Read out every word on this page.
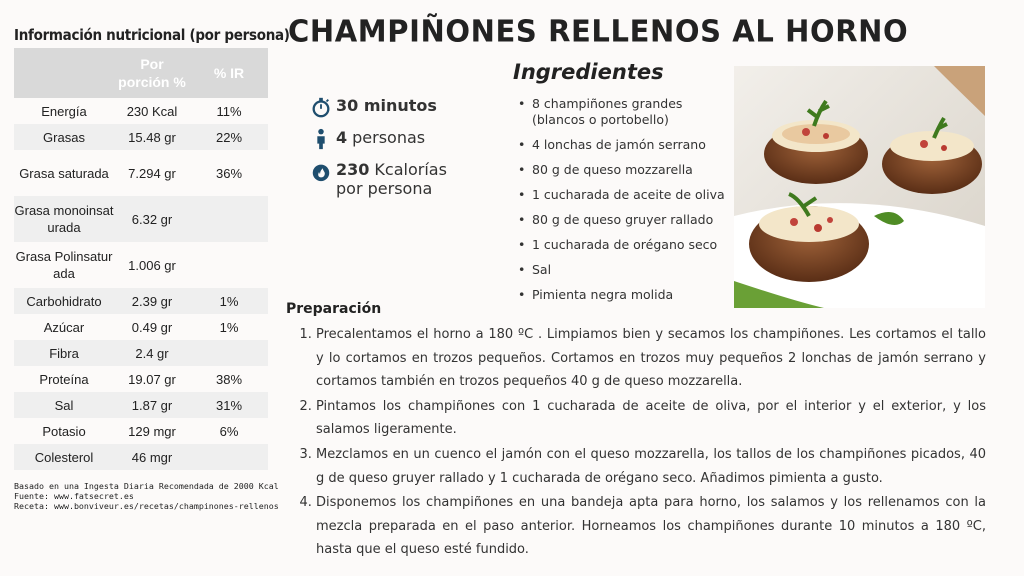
Información nutricional (por persona)
	Por porción %	% IR
Energía	230 Kcal	11%
Grasas	15.48 gr	22%
Grasa saturada	7.294 gr	36%
Grasa monoinsaturada	6.32 gr	
Grasa Polinsaturada	1.006 gr	
Carbohidrato	2.39 gr	1%
Azúcar	0.49 gr	1%
Fibra	2.4 gr	
Proteína	19.07 gr	38%
Sal	1.87 gr	31%
Potasio	129 mgr	6%
Colesterol	46 mgr	
Basado en una Ingesta Diaria Recomendada de 2000 Kcal
Fuente: www.fatsecret.es
Receta: www.bonviveur.es/recetas/champinones-rellenos
CHAMPIÑONES RELLENOS AL HORNO
30 minutos
4 personas
230 Kcalorías
por persona
Ingredientes
• 8 champiñones grandes (blancos o portobello)
• 4 lonchas de jamón serrano
• 80 g de queso mozzarella
• 1 cucharada de aceite de oliva
• 80 g de queso gruyer rallado
• 1 cucharada de orégano seco
• Sal
• Pimienta negra molida
Preparación
1. Precalentamos el horno a 180 ºC . Limpiamos bien y secamos los champiñones. Les cortamos el tallo y lo cortamos en trozos pequeños. Cortamos en trozos muy pequeños 2 lonchas de jamón serrano y cortamos también en trozos pequeños 40 g de queso mozzarella.
2. Pintamos los champiñones con 1 cucharada de aceite de oliva, por el interior y el exterior, y los salamos ligeramente.
3. Mezclamos en un cuenco el jamón con el queso mozzarella, los tallos de los champiñones picados, 40 g de queso gruyer rallado y 1 cucharada de orégano seco. Añadimos pimienta a gusto.
4. Disponemos los champiñones en una bandeja apta para horno, los salamos y los rellenamos con la mezcla preparada en el paso anterior. Horneamos los champiñones durante 10 minutos a 180 ºC, hasta que el queso esté fundido.
